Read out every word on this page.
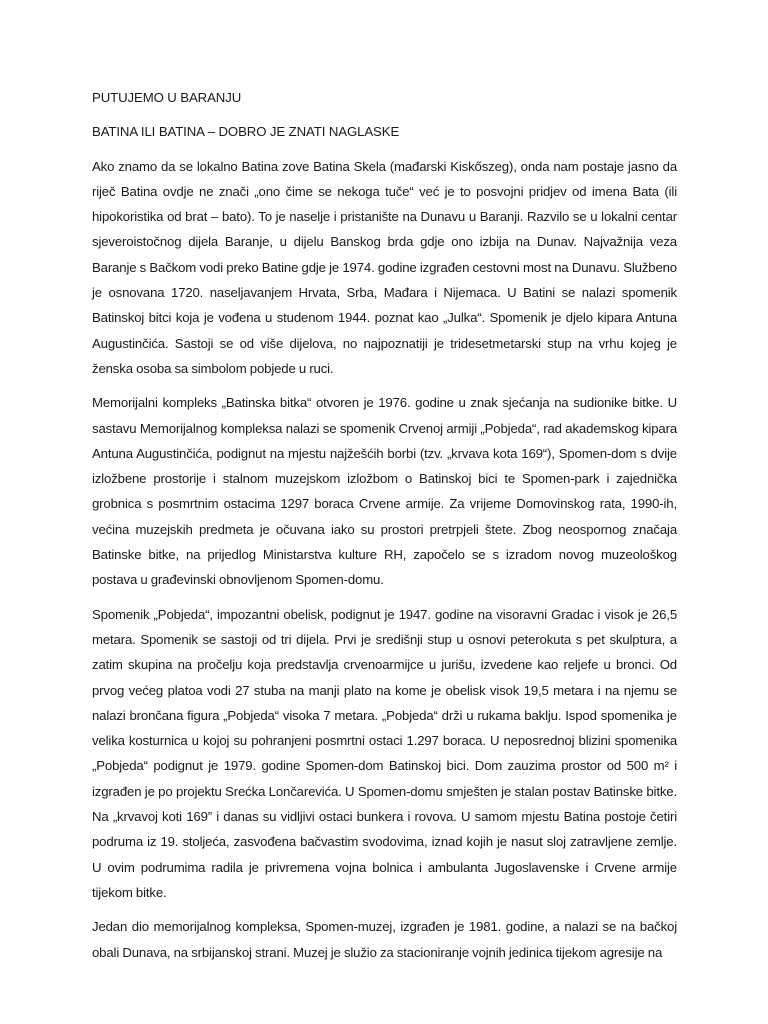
PUTUJEMO U BARANJU

BATINA ILI BATINA – DOBRO JE ZNATI NAGLASKE

Ako znamo da se lokalno Batina zove Batina Skela (mađarski Kiskőszeg), onda nam postaje jasno da riječ Batina ovdje ne znači „ono čime se nekoga tuče“ već je to posvojni pridjev od imena Bata (ili hipokoristika od brat – bato). To je naselje i pristanište na Dunavu u Baranji. Razvilo se u lokalni centar sjeveroistočnog dijela Baranje, u dijelu Banskog brda gdje ono izbija na Dunav. Najvažnija veza Baranje s Bačkom vodi preko Batine gdje je 1974. godine izgrađen cestovni most na Dunavu. Službeno je osnovana 1720. naseljavanjem Hrvata, Srba, Mađara i Nijemaca. U Batini se nalazi spomenik Batinskoj bitci koja je vođena u studenom 1944. poznat kao „Julka“. Spomenik je djelo kipara Antuna Augustinčića. Sastoji se od više dijelova, no najpoznatiji je tridesetmetarski stup na vrhu kojeg je ženska osoba sa simbolom pobjede u ruci.

Memorijalni kompleks „Batinska bitka“ otvoren je 1976. godine u znak sjećanja na sudionike bitke. U sastavu Memorijalnog kompleksa nalazi se spomenik Crvenoj armiji „Pobjeda“, rad akademskog kipara Antuna Augustinčića, podignut na mjestu najžešćih borbi (tzv. „krvava kota 169“), Spomen-dom s dvije izložbene prostorije i stalnom muzejskom izložbom o Batinskoj bici te Spomen-park i zajednička grobnica s posmrtnim ostacima 1297 boraca Crvene armije. Za vrijeme Domovinskog rata, 1990-ih, većina muzejskih predmeta je očuvana iako su prostori pretrpjeli štete. Zbog neospornog značaja Batinske bitke, na prijedlog Ministarstva kulture RH, započelo se s izradom novog muzeološkog postava u građevinski obnovljenom Spomen-domu.

Spomenik „Pobjeda“, impozantni obelisk, podignut je 1947. godine na visoravni Gradac i visok je 26,5 metara. Spomenik se sastoji od tri dijela. Prvi je središnji stup u osnovi peterokuta s pet skulptura, a zatim skupina na pročelju koja predstavlja crvenoarmijce u jurišu, izvedene kao reljefe u bronci. Od prvog većeg platoa vodi 27 stuba na manji plato na kome je obelisk visok 19,5 metara i na njemu se nalazi brončana figura „Pobjeda“ visoka 7 metara. „Pobjeda“ drži u rukama baklju. Ispod spomenika je velika kosturnica u kojoj su pohranjeni posmrtni ostaci 1.297 boraca. U neposrednoj blizini spomenika „Pobjeda“ podignut je 1979. godine Spomen-dom Batinskoj bici. Dom zauzima prostor od 500 m² i izgrađen je po projektu Srećka Lončarevića. U Spomen-domu smješten je stalan postav Batinske bitke. Na „krvavoj koti 169” i danas su vidljivi ostaci bunkera i rovova. U samom mjestu Batina postoje četiri podruma iz 19. stoljeća, zasvođena bačvastim svodovima, iznad kojih je nasut sloj zatravljene zemlje. U ovim podrumima radila je privremena vojna bolnica i ambulanta Jugoslavenske i Crvene armije tijekom bitke.

Jedan dio memorijalnog kompleksa, Spomen-muzej, izgrađen je 1981. godine, a nalazi se na bačkoj obali Dunava, na srbijanskoj strani. Muzej je služio za stacioniranje vojnih jedinica tijekom agresije na
